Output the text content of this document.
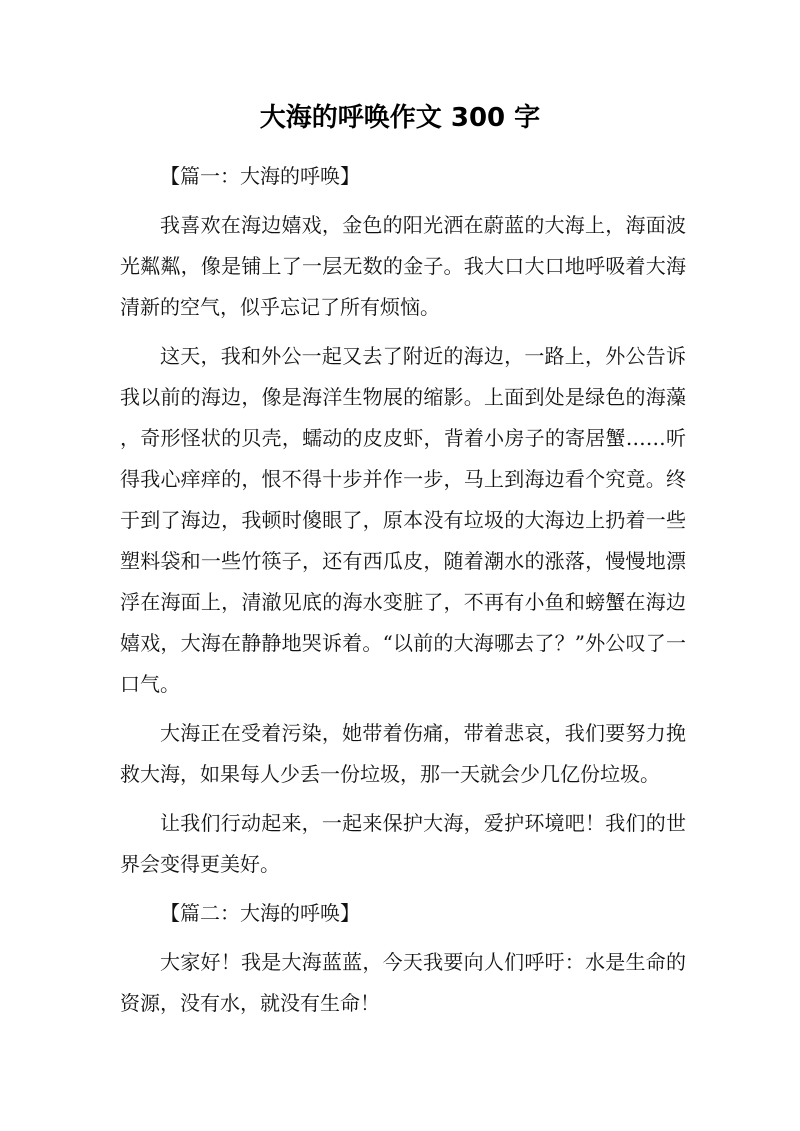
大海的呼唤作文 300 字
【篇一：大海的呼唤】

我喜欢在海边嬉戏，金色的阳光洒在蔚蓝的大海上，海面波光粼粼，像是铺上了一层无数的金子。我大口大口地呼吸着大海清新的空气，似乎忘记了所有烦恼。

这天，我和外公一起又去了附近的海边，一路上，外公告诉我以前的海边，像是海洋生物展的缩影。上面到处是绿色的海藻，奇形怪状的贝壳，蠕动的皮皮虾，背着小房子的寄居蟹……听得我心痒痒的，恨不得十步并作一步，马上到海边看个究竟。终于到了海边，我顿时傻眼了，原本没有垃圾的大海边上扔着一些塑料袋和一些竹筷子，还有西瓜皮，随着潮水的涨落，慢慢地漂浮在海面上，清澈见底的海水变脏了，不再有小鱼和螃蟹在海边嬉戏，大海在静静地哭诉着。“以前的大海哪去了？”外公叹了一口气。

大海正在受着污染，她带着伤痛，带着悲哀，我们要努力挽救大海，如果每人少丢一份垃圾，那一天就会少几亿份垃圾。

让我们行动起来，一起来保护大海，爱护环境吧！我们的世界会变得更美好。

【篇二：大海的呼唤】

大家好！我是大海蓝蓝，今天我要向人们呼吁：水是生命的资源，没有水，就没有生命！
